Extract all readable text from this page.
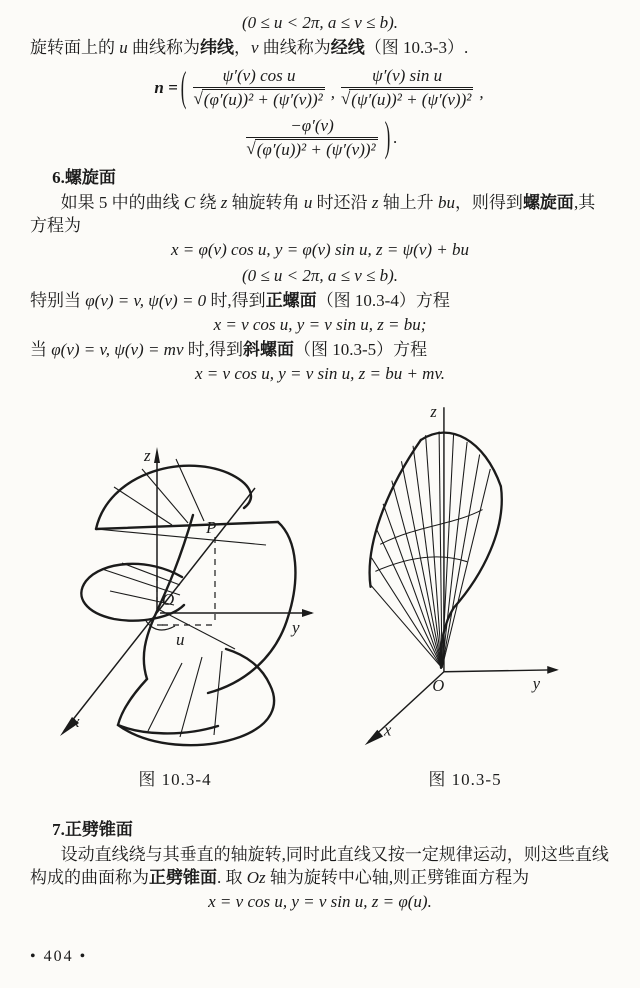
(0 ≤ u < 2π, a ≤ v ≤ b).

旋转面上的 u 曲线称为纬线，v 曲线称为经线（图 10.3-3）.

n = ( $\frac{\text{ψ′(v) cos u}}{\text{√ (φ′(u))² + (ψ′(v))²}}$ , $\frac{\text{ψ′(v) sin u}}{\text{√ (ψ′(u))² + (ψ′(v))²}}$ ,
$\frac{-\varphi'(v)}{\text{√ (φ′(u))² + (ψ′(v))²}}$ ) .

6.螺旋面

如果 5 中的曲线 C 绕 z 轴旋转角 u 时还沿 z 轴上升 bu，则得到螺旋面,其

方程为

x = φ(v) cos u, y = φ(v) sin u, z = ψ(v) + bu

(0 ≤ u < 2π, a ≤ v ≤ b).

特别当 φ(v) = v, ψ(v) = 0 时,得到正螺面（图 10.3-4）方程

x = v cos u, y = v sin u, z = bu;

当 φ(v) = v, ψ(v) = mv 时,得到斜螺面（图 10.3-5）方程

x = v cos u, y = v sin u, z = bu + mv.

z
P
O
u
y
x
z
O	y
x
图 10.3-4	图 10.3-5

7.正劈锥面

设动直线绕与其垂直的轴旋转,同时此直线又按一定规律运动，则这些直线

构成的曲面称为正劈锥面. 取 Oz 轴为旋转中心轴,则正劈锥面方程为

x = v cos u, y = v sin u, z = φ(u).

• 404 •
